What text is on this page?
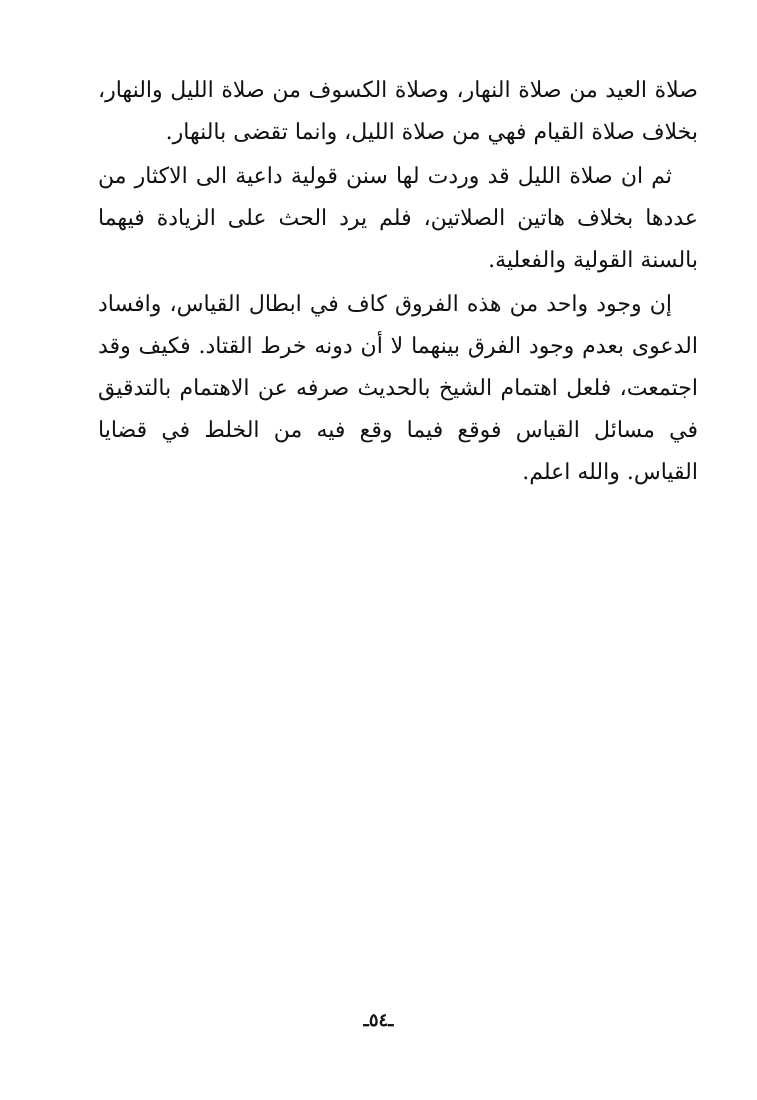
صلاة العيد من صلاة النهار، وصلاة الكسوف من صلاة الليل والنهار، بخلاف صلاة القيام فهي من صلاة الليل، وانما تقضى بالنهار.

ثم ان صلاة الليل قد وردت لها سنن قولية داعية الى الاكثار من عددها بخلاف هاتين الصلاتين، فلم يرد الحث على الزيادة فيهما بالسنة القولية والفعلية.

إن وجود واحد من هذه الفروق كاف في ابطال القياس، وافساد الدعوى بعدم وجود الفرق بينهما لا أن دونه خرط القتاد. فكيف وقد اجتمعت، فلعل اهتمام الشيخ بالحديث صرفه عن الاهتمام بالتدقيق في مسائل القياس فوقع فيما وقع فيه من الخلط في قضايا القياس. والله اعلم.

ـ٥٤ـ
